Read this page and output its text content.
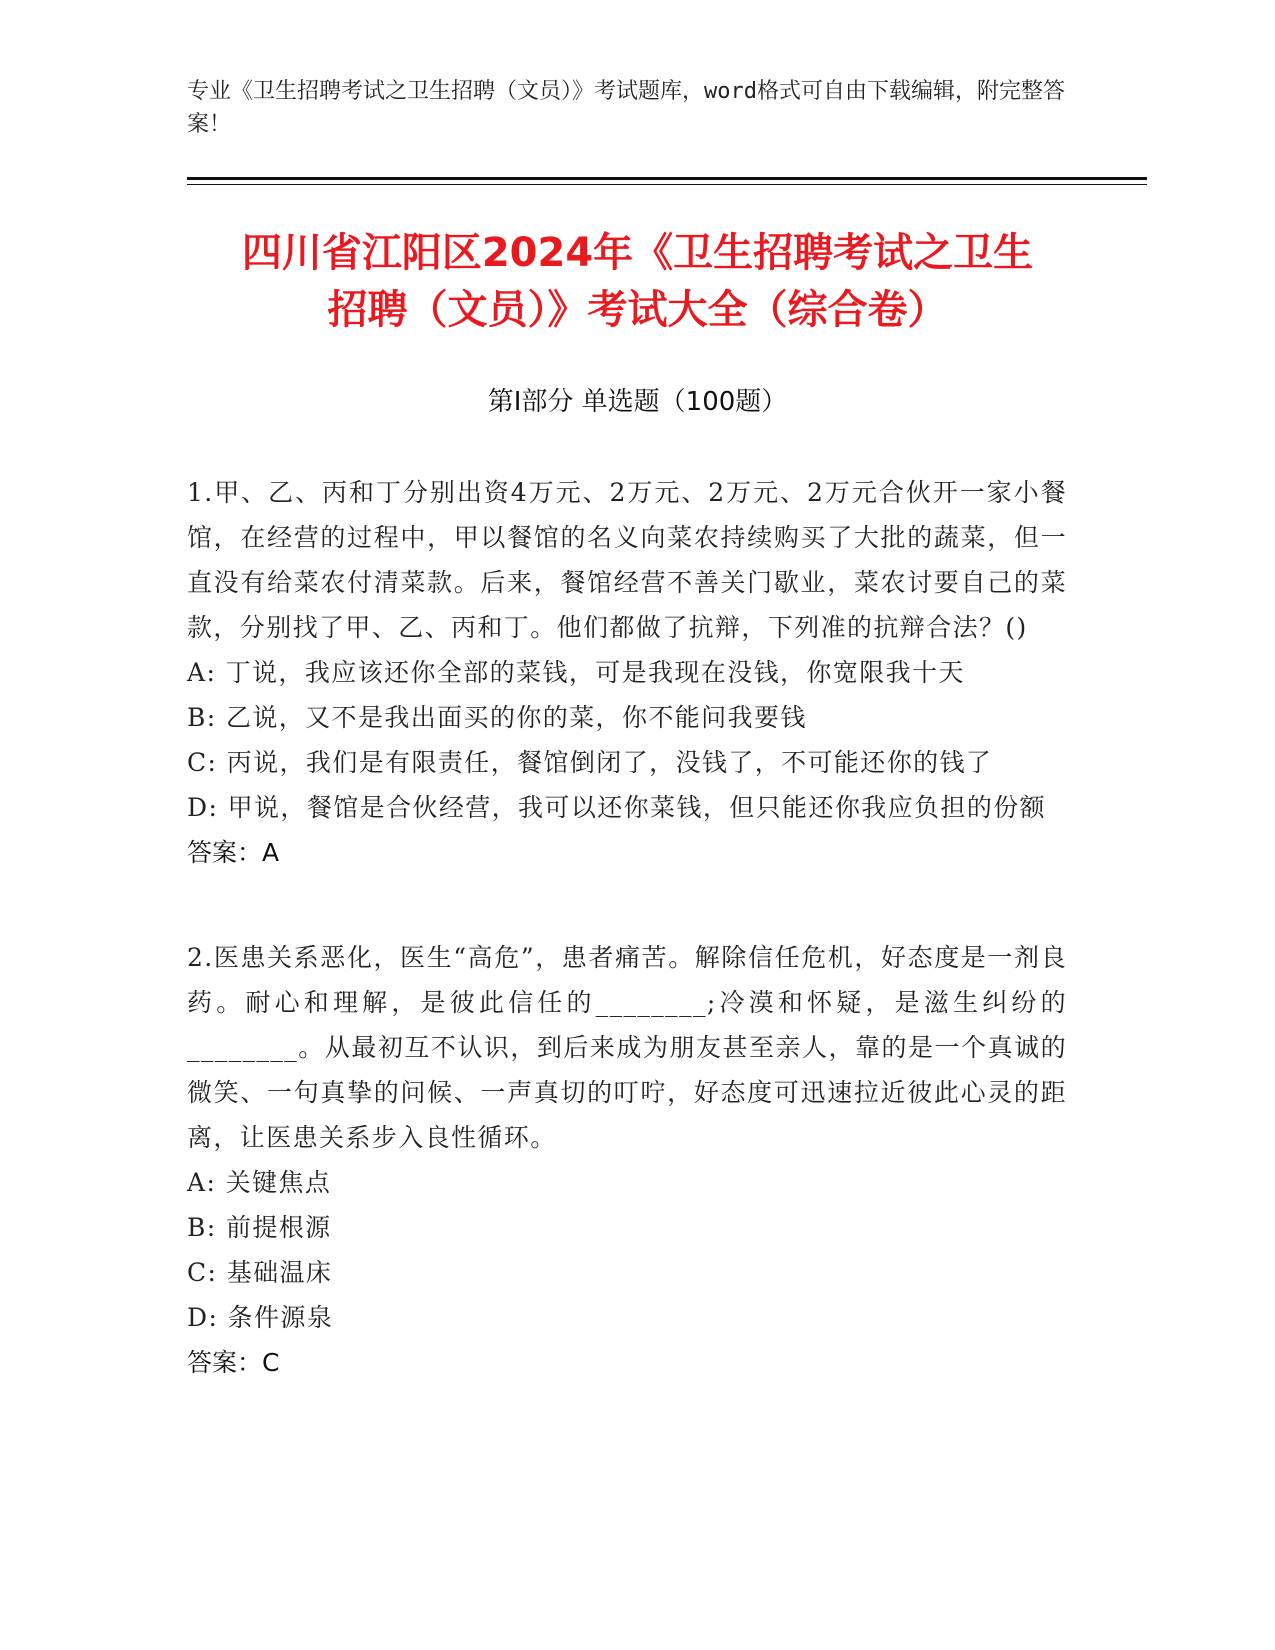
专业《卫生招聘考试之卫生招聘（文员）》考试题库，word格式可自由下载编辑，附完整答案！
四川省江阳区2024年《卫生招聘考试之卫生
招聘（文员）》考试大全（综合卷）
第I部分 单选题（100题）
1.甲、乙、丙和丁分别出资4万元、2万元、2万元、2万元合伙开一家小餐馆，在经营的过程中，甲以餐馆的名义向菜农持续购买了大批的蔬菜，但一直没有给菜农付清菜款。后来，餐馆经营不善关门歇业，菜农讨要自己的菜款，分别找了甲、乙、丙和丁。他们都做了抗辩，下列准的抗辩合法？()
A: 丁说，我应该还你全部的菜钱，可是我现在没钱，你宽限我十天
B: 乙说，又不是我出面买的你的菜，你不能问我要钱
C: 丙说，我们是有限责任，餐馆倒闭了，没钱了，不可能还你的钱了
D: 甲说，餐馆是合伙经营，我可以还你菜钱，但只能还你我应负担的份额
答案：A
2.医患关系恶化，医生“高危”，患者痛苦。解除信任危机，好态度是一剂良药。耐心和理解，是彼此信任的________;冷漠和怀疑，是滋生纠纷的________。从最初互不认识，到后来成为朋友甚至亲人，靠的是一个真诚的微笑、一句真挚的问候、一声真切的叮咛，好态度可迅速拉近彼此心灵的距离，让医患关系步入良性循环。
A: 关键焦点
B: 前提根源
C: 基础温床
D: 条件源泉
答案：C
